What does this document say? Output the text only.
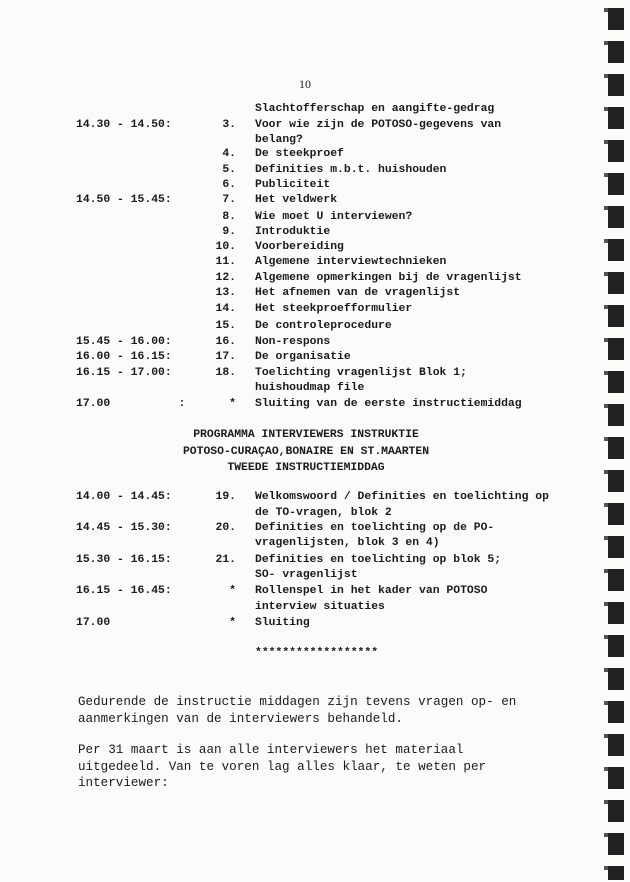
10
Slachtofferschap en aangifte-gedrag
14.30 - 14.50:	3. Voor wie zijn de POTOSO-gegevens van
belang?
4. De steekproef
5. Definities m.b.t. huishouden
6. Publiciteit
14.50 - 15.45:	7. Het veldwerk
8. Wie moet U interviewen?
9. Introduktie
10. Voorbereiding
11. Algemene interviewtechnieken
12. Algemene opmerkingen bij de vragenlijst
13. Het afnemen van de vragenlijst
14. Het steekproefformulier
15. De controleprocedure
15.45 - 16.00:	16. Non-respons
16.00 - 16.15:	17. De organisatie
16.15 - 17.00:	18. Toelichting vragenlijst Blok 1;
huishoudmap file
17.00          :	* Sluiting van de eerste instructiemiddag
PROGRAMMA INTERVIEWERS INSTRUKTIE
POTOSO-CURAÇAO,BONAIRE EN ST.MAARTEN
TWEEDE INSTRUCTIEMIDDAG
14.00 - 14.45:	19. Welkomswoord / Definities en toelichting op
de TO-vragen, blok 2
14.45 - 15.30:	20. Definities en toelichting op de PO-
vragenlijsten, blok 3 en 4)
15.30 - 16.15:	21. Definities en toelichting op blok 5;
SO- vragenlijst
16.15 - 16.45:	* Rollenspel in het kader van POTOSO
interview situaties
17.00	* Sluiting
******************
Gedurende de instructie middagen zijn tevens vragen op- en
aanmerkingen van de interviewers behandeld.
Per 31 maart is aan alle interviewers het materiaal
uitgedeeld. Van te voren lag alles klaar, te weten per
interviewer:
